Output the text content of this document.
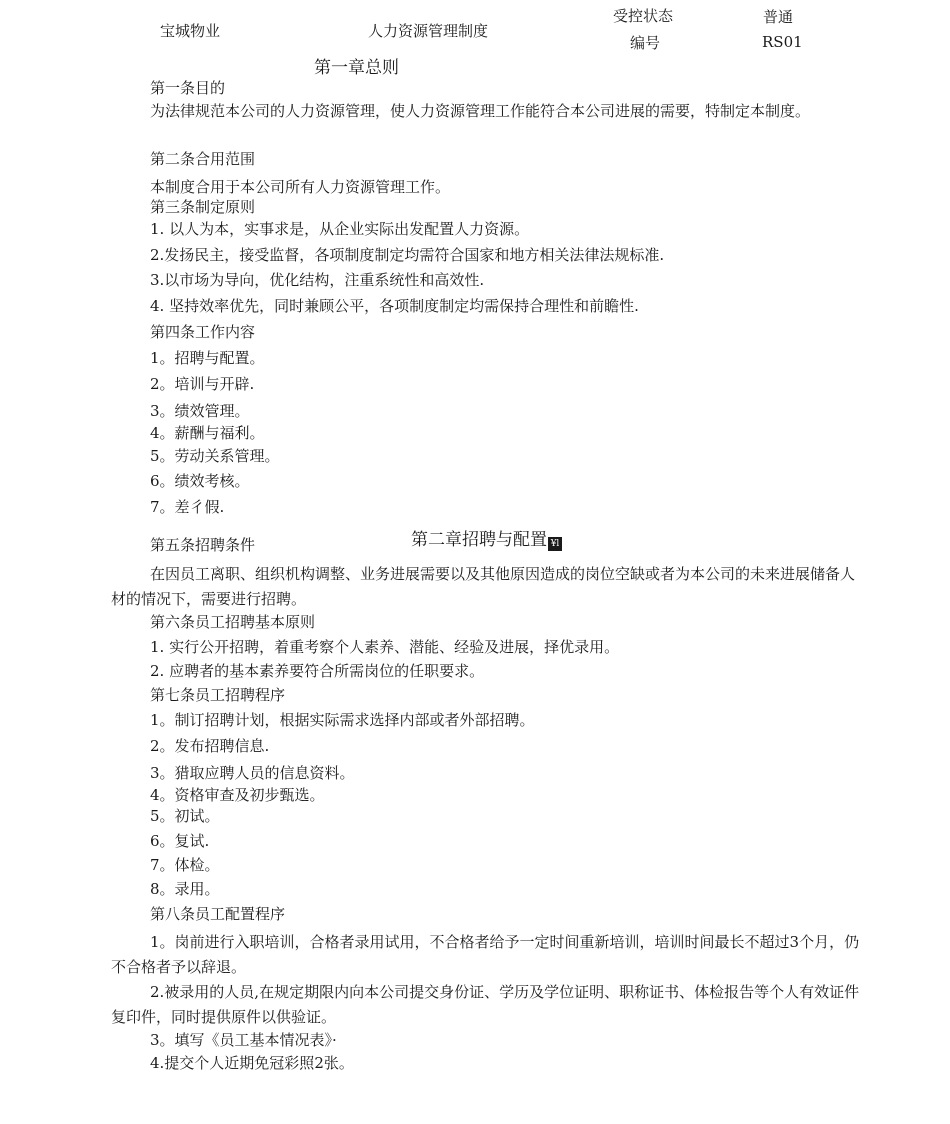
宝城物业	人力资源管理制度
受控状态	普通
编号	RS01
第一章总则
第一条目的
为法律规范本公司的人力资源管理，使人力资源管理工作能符合本公司进展的需要，特制定本制度。
第二条合用范围
本制度合用于本公司所有人力资源管理工作。
第三条制定原则
1. 以人为本，实事求是，从企业实际出发配置人力资源。
2.发扬民主，接受监督，各项制度制定均需符合国家和地方相关法律法规标准.
3.以市场为导向，优化结构，注重系统性和高效性.
4. 坚持效率优先，同时兼顾公平，各项制度制定均需保持合理性和前瞻性.
第四条工作内容
1。招聘与配置。
2。培训与开辟.
3。绩效管理。
4。薪酬与福利。
5。劳动关系管理。
6。绩效考核。
7。差彳假.
第二章招聘与配置 ¥l
第五条招聘条件
在因员工离职、组织机构调整、业务进展需要以及其他原因造成的岗位空缺或者为本公司的未来进展储备人材的情况下，需要进行招聘。
第六条员工招聘基本原则
1. 实行公开招聘，着重考察个人素养、潜能、经验及进展，择优录用。
2. 应聘者的基本素养要符合所需岗位的任职要求。
第七条员工招聘程序
1。制订招聘计划，根据实际需求选择内部或者外部招聘。
2。发布招聘信息.
3。猎取应聘人员的信息资料。
4。资格审查及初步甄选。
5。初试。
6。复试.
7。体检。
8。录用。
第八条员工配置程序
1。岗前进行入职培训，合格者录用试用，不合格者给予一定时间重新培训，培训时间最长不超过3个月，仍不合格者予以辞退。
2.被录用的人员,在规定期限内向本公司提交身份证、学历及学位证明、职称证书、体检报告等个人有效证件复印件，同时提供原件以供验证。
3。填写《员工基本情况表》·
4.提交个人近期免冠彩照2张。
